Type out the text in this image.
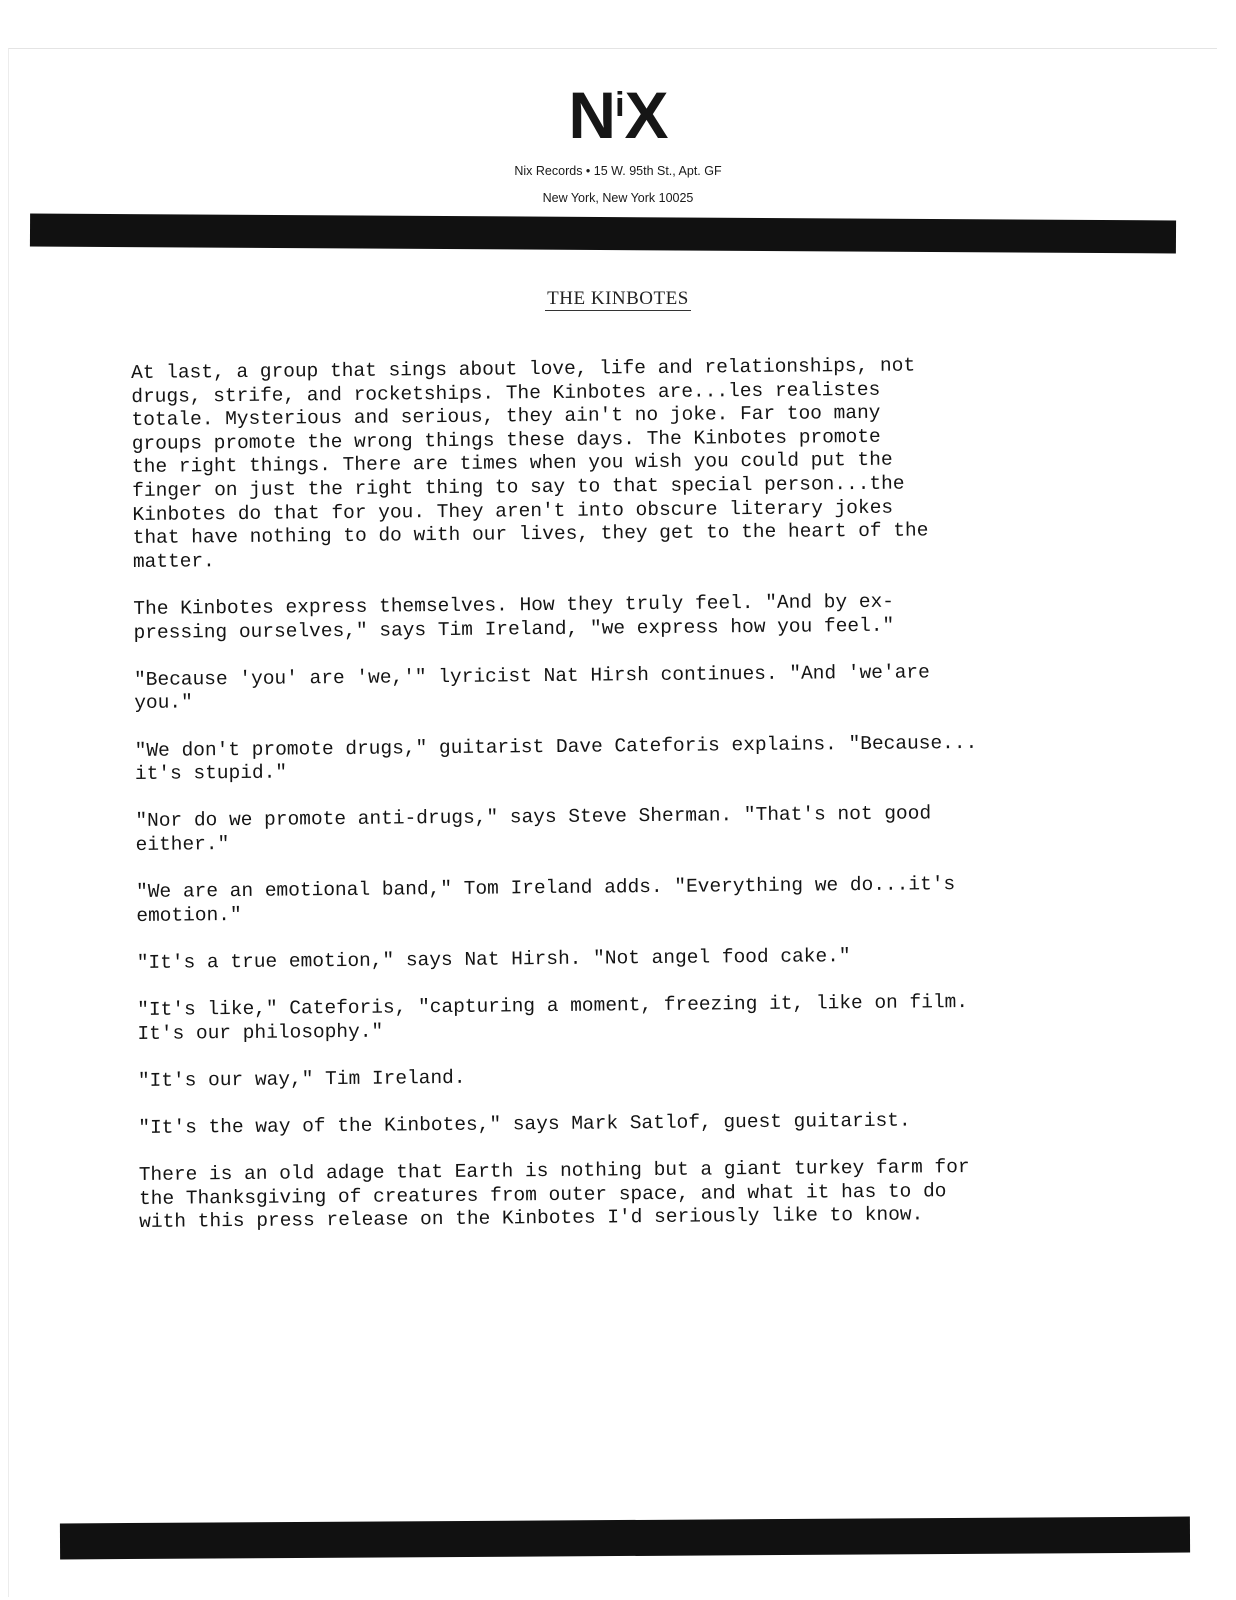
$N^iX$
Nix Records • 15 W. 95th St., Apt. GF
New York, New York 10025
THE KINBOTES

At last, a group that sings about love, life and relationships, not
drugs, strife, and rocketships. The Kinbotes are...les realistes
totale. Mysterious and serious, they ain't no joke. Far too many
groups promote the wrong things these days. The Kinbotes promote
the right things. There are times when you wish you could put the
finger on just the right thing to say to that special person...the
Kinbotes do that for you. They aren't into obscure literary jokes
that have nothing to do with our lives, they get to the heart of the
matter.

The Kinbotes express themselves. How they truly feel. "And by ex-
pressing ourselves," says Tim Ireland, "we express how you feel."

"Because 'you' are 'we,'" lyricist Nat Hirsh continues. "And 'we'are
you."

"We don't promote drugs," guitarist Dave Cateforis explains. "Because...
it's stupid."

"Nor do we promote anti-drugs," says Steve Sherman. "That's not good
either."

"We are an emotional band," Tom Ireland adds. "Everything we do...it's
emotion."

"It's a true emotion," says Nat Hirsh. "Not angel food cake."

"It's like," Cateforis, "capturing a moment, freezing it, like on film.
It's our philosophy."

"It's our way," Tim Ireland.

"It's the way of the Kinbotes," says Mark Satlof, guest guitarist.

There is an old adage that Earth is nothing but a giant turkey farm for
the Thanksgiving of creatures from outer space, and what it has to do
with this press release on the Kinbotes I'd seriously like to know.
